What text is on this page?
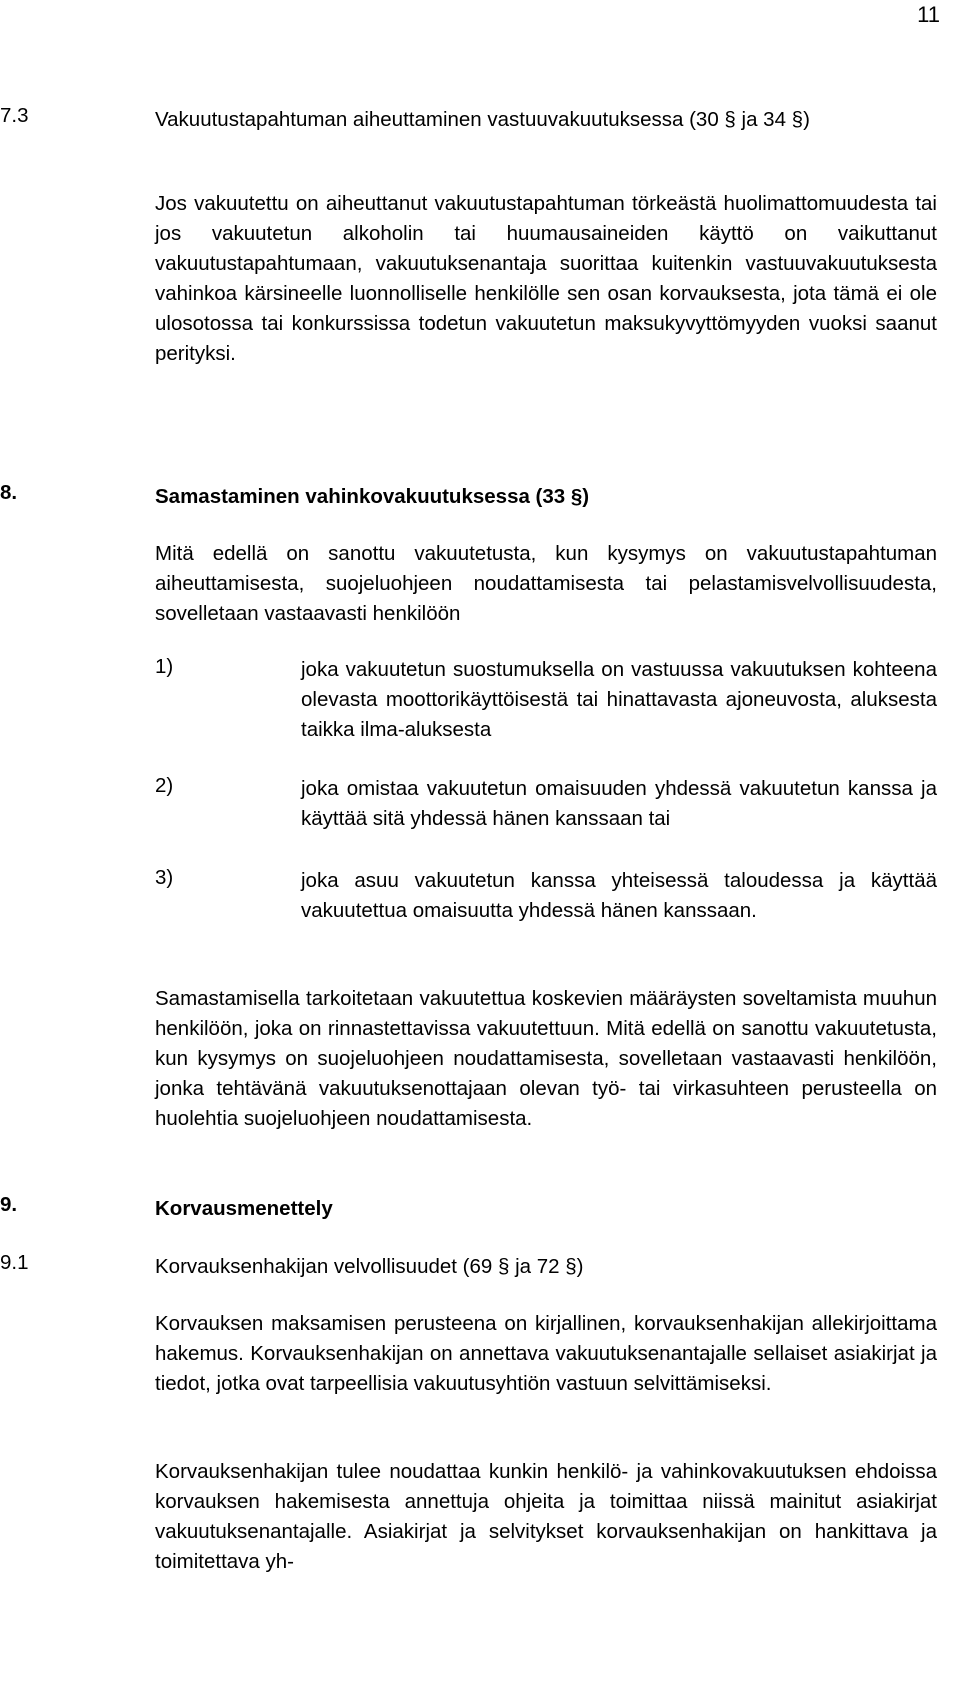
11
7.3	Vakuutustapahtuman aiheuttaminen vastuuvakuutuksessa (30 § ja 34 §)
Jos vakuutettu on aiheuttanut vakuutustapahtuman törkeästä huolimattomuudesta tai jos vakuutetun alkoholin tai huumausaineiden käyttö on vaikuttanut vakuutustapahtumaan, vakuutuksenantaja suorittaa kuitenkin vastuuvakuutuksesta vahinkoa kärsineelle luonnolliselle henkilölle sen osan korvauksesta, jota tämä ei ole ulosotossa tai konkurssissa todetun vakuutetun maksukyvyttömyyden vuoksi saanut perityksi.
8.	Samastaminen vahinkovakuutuksessa (33 §)
Mitä edellä on sanottu vakuutetusta, kun kysymys on vakuutustapahtuman aiheuttamisesta, suojeluohjeen noudattamisesta tai pelastamisvelvollisuudesta, sovelletaan vastaavasti henkilöön
1)	joka vakuutetun suostumuksella on vastuussa vakuutuksen kohteena olevasta moottorikäyttöisestä tai hinattavasta ajoneuvosta, aluksesta taikka ilma-aluksesta
2)	joka omistaa vakuutetun omaisuuden yhdessä vakuutetun kanssa ja käyttää sitä yhdessä hänen kanssaan tai
3)	joka asuu vakuutetun kanssa yhteisessä taloudessa ja käyttää vakuutettua omaisuutta yhdessä hänen kanssaan.
Samastamisella tarkoitetaan vakuutettua koskevien määräysten soveltamista muuhun henkilöön, joka on rinnastettavissa vakuutettuun. Mitä edellä on sanottu vakuutetusta, kun kysymys on suojeluohjeen noudattamisesta, sovelletaan vastaavasti henkilöön, jonka tehtävänä vakuutuksenottajaan olevan työ- tai virkasuhteen perusteella on huolehtia suojeluohjeen noudattamisesta.
9.	Korvausmenettely
9.1	Korvauksenhakijan velvollisuudet (69 § ja 72 §)
Korvauksen maksamisen perusteena on kirjallinen, korvauksenhakijan allekirjoittama hakemus. Korvauksenhakijan on annettava vakuutuksenantajalle sellaiset asiakirjat ja tiedot, jotka ovat tarpeellisia vakuutusyhtiön vastuun selvittämiseksi.
Korvauksenhakijan tulee noudattaa kunkin henkilö- ja vahinkovakuutuksen ehdoissa korvauksen hakemisesta annettuja ohjeita ja toimittaa niissä mainitut asiakirjat vakuutuksenantajalle. Asiakirjat ja selvitykset korvauksenhakijan on hankittava ja toimitettava yh-
